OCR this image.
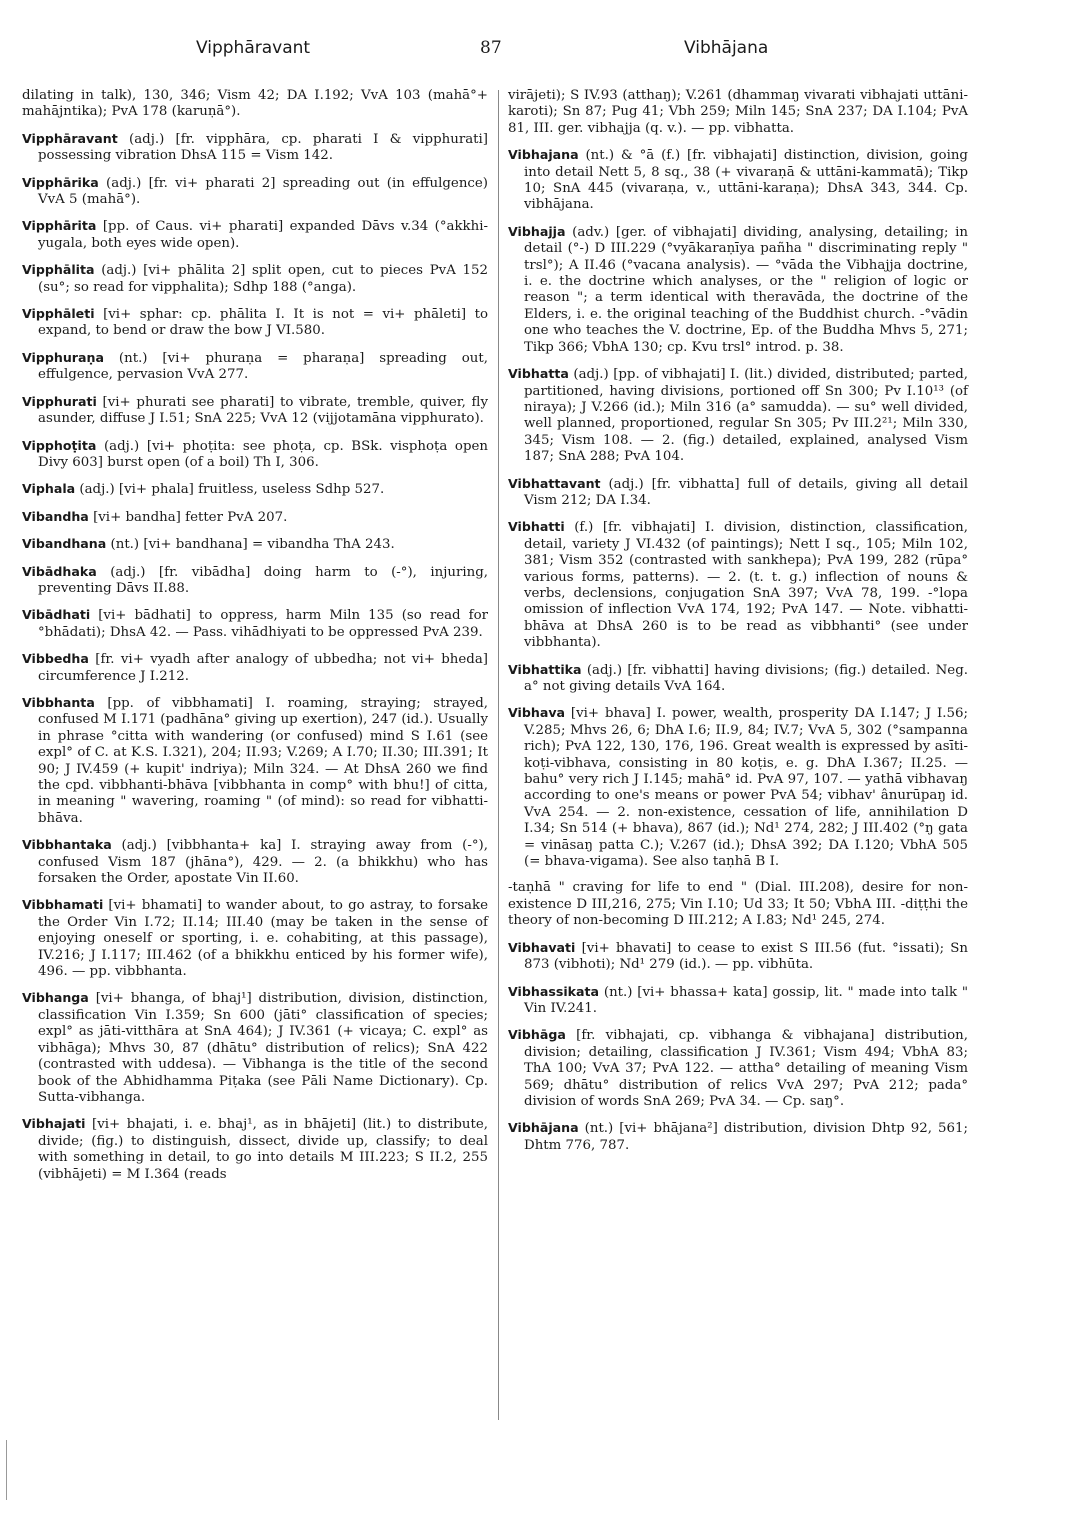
Vipphāravant	87	Vibhājana

dilating in talk), 130, 346; Vism 42; DA I.192; VvA 103 (mahā°+ mahājntika); PvA 178 (karuṇā°).

Vipphāravant (adj.) [fr. vipphāra, cp. pharati I & vipphurati] possessing vibration DhsA 115 = Vism 142.

Vipphārika (adj.) [fr. vi+ pharati 2] spreading out (in effulgence) VvA 5 (mahā°).

Vipphārita [pp. of Caus. vi+ pharati] expanded Dāvs v.34 (°akkhi-yugala, both eyes wide open).

Vipphālita (adj.) [vi+ phālita 2] split open, cut to pieces PvA 152 (su°; so read for vipphalita); Sdhp 188 (°anga).

Vipphāleti [vi+ sphar: cp. phālita I. It is not = vi+ phāleti] to expand, to bend or draw the bow J VI.580.

Vipphuraṇa (nt.) [vi+ phuraṇa = pharaṇa] spreading out, effulgence, pervasion VvA 277.

Vipphurati [vi+ phurati see pharati] to vibrate, tremble, quiver, fly asunder, diffuse J I.51; SnA 225; VvA 12 (vijjotamāna vipphurato).

Vipphoṭita (adj.) [vi+ phoṭita: see phoṭa, cp. BSk. visphoṭa open Divy 603] burst open (of a boil) Th I, 306.

Viphala (adj.) [vi+ phala] fruitless, useless Sdhp 527.

Vibandha [vi+ bandha] fetter PvA 207.

Vibandhana (nt.) [vi+ bandhana] = vibandha ThA 243.

Vibādhaka (adj.) [fr. vibādha] doing harm to (-°), injuring, preventing Dāvs II.88.

Vibādhati [vi+ bādhati] to oppress, harm Miln 135 (so read for °bhādati); DhsA 42. — Pass. vihādhiyati to be oppressed PvA 239.

Vibbedha [fr. vi+ vyadh after analogy of ubbedha; not vi+ bheda] circumference J I.212.

Vibbhanta [pp. of vibbhamati] I. roaming, straying; strayed, confused M I.171 (padhāna° giving up exertion), 247 (id.). Usually in phrase °citta with wandering (or confused) mind S I.61 (see expl° of C. at K.S. I.321), 204; II.93; V.269; A I.70; II.30; III.391; It 90; J IV.459 (+ kupit' indriya); Miln 324. — At DhsA 260 we find the cpd. vibbhanti-bhāva [vibbhanta in comp° with bhu!] of citta, in meaning " wavering, roaming " (of mind): so read for vibhatti-bhāva.

Vibbhantaka (adj.) [vibbhanta+ ka] I. straying away from (-°), confused Vism 187 (jhāna°), 429. — 2. (a bhikkhu) who has forsaken the Order, apostate Vin II.60.

Vibbhamati [vi+ bhamati] to wander about, to go astray, to forsake the Order Vin I.72; II.14; III.40 (may be taken in the sense of enjoying oneself or sporting, i. e. cohabiting, at this passage), IV.216; J I.117; III.462 (of a bhikkhu enticed by his former wife), 496. — pp. vibbhanta.

Vibhanga [vi+ bhanga, of bhaj¹] distribution, division, distinction, classification Vin I.359; Sn 600 (jāti° classification of species; expl° as jāti-vitthāra at SnA 464); J IV.361 (+ vicaya; C. expl° as vibhāga); Mhvs 30, 87 (dhātu° distribution of relics); SnA 422 (contrasted with uddesa). — Vibhanga is the title of the second book of the Abhidhamma Piṭaka (see Pāli Name Dictionary). Cp. Sutta-vibhanga.

Vibhajati [vi+ bhajati, i. e. bhaj¹, as in bhājeti] (lit.) to distribute, divide; (fig.) to distinguish, dissect, divide up, classify; to deal with something in detail, to go into details M III.223; S II.2, 255 (vibhājeti) = M I.364 (reads

virājeti); S IV.93 (atthaŋ); V.261 (dhammaŋ vivarati vibhajati uttāni-karoti); Sn 87; Pug 41; Vbh 259; Miln 145; SnA 237; DA I.104; PvA 81, III. ger. vibhajja (q. v.). — pp. vibhatta.

Vibhajana (nt.) & °ā (f.) [fr. vibhajati] distinction, division, going into detail Nett 5, 8 sq., 38 (+ vivaraṇā & uttāni-kammatā); Tikp 10; SnA 445 (vivaraṇa, v., uttāni-karaṇa); DhsA 343, 344. Cp. vibhājana.

Vibhajja (adv.) [ger. of vibhajati] dividing, analysing, detailing; in detail (°-) D III.229 (°vyākaraṇīya pañha " discriminating reply " trsl°); A II.46 (°vacana analysis). — °vāda the Vibhajja doctrine, i. e. the doctrine which analyses, or the " religion of logic or reason "; a term identical with theravāda, the doctrine of the Elders, i. e. the original teaching of the Buddhist church. -°vādin one who teaches the V. doctrine, Ep. of the Buddha Mhvs 5, 271; Tikp 366; VbhA 130; cp. Kvu trsl° introd. p. 38.

Vibhatta (adj.) [pp. of vibhajati] I. (lit.) divided, distributed; parted, partitioned, having divisions, portioned off Sn 300; Pv I.10¹³ (of niraya); J V.266 (id.); Miln 316 (a° samudda). — su° well divided, well planned, proportioned, regular Sn 305; Pv III.2²¹; Miln 330, 345; Vism 108. — 2. (fig.) detailed, explained, analysed Vism 187; SnA 288; PvA 104.

Vibhattavant (adj.) [fr. vibhatta] full of details, giving all detail Vism 212; DA I.34.

Vibhatti (f.) [fr. vibhajati] I. division, distinction, classification, detail, variety J VI.432 (of paintings); Nett I sq., 105; Miln 102, 381; Vism 352 (contrasted with sankhepa); PvA 199, 282 (rūpa° various forms, patterns). — 2. (t. t. g.) inflection of nouns & verbs, declensions, conjugation SnA 397; VvA 78, 199. -°lopa omission of inflection VvA 174, 192; PvA 147. — Note. vibhatti-bhāva at DhsA 260 is to be read as vibbhanti° (see under vibbhanta).

Vibhattika (adj.) [fr. vibhatti] having divisions; (fig.) detailed. Neg. a° not giving details VvA 164.

Vibhava [vi+ bhava] I. power, wealth, prosperity DA I.147; J I.56; V.285; Mhvs 26, 6; DhA I.6; II.9, 84; IV.7; VvA 5, 302 (°sampanna rich); PvA 122, 130, 176, 196. Great wealth is expressed by asīti-koṭi-vibhava, consisting in 80 koṭis, e. g. DhA I.367; II.25. — bahu° very rich J I.145; mahā° id. PvA 97, 107. — yathā vibhavaŋ according to one's means or power PvA 54; vibhav' ânurūpaŋ id. VvA 254. — 2. non-existence, cessation of life, annihilation D I.34; Sn 514 (+ bhava), 867 (id.); Nd¹ 274, 282; J III.402 (°ŋ gata = vināsaŋ patta C.); V.267 (id.); DhsA 392; DA I.120; VbhA 505 (= bhava-vigama). See also taṇhā B I.

-taṇhā " craving for life to end " (Dial. III.208), desire for non-existence D III,216, 275; Vin I.10; Ud 33; It 50; VbhA III. -diṭṭhi the theory of non-becoming D III.212; A I.83; Nd¹ 245, 274.

Vibhavati [vi+ bhavati] to cease to exist S III.56 (fut. °issati); Sn 873 (vibhoti); Nd¹ 279 (id.). — pp. vibhūta.

Vibhassikata (nt.) [vi+ bhassa+ kata] gossip, lit. " made into talk " Vin IV.241.

Vibhāga [fr. vibhajati, cp. vibhanga & vibhajana] distribution, division; detailing, classification J IV.361; Vism 494; VbhA 83; ThA 100; VvA 37; PvA 122. — attha° detailing of meaning Vism 569; dhātu° distribution of relics VvA 297; PvA 212; pada° division of words SnA 269; PvA 34. — Cp. saŋ°.

Vibhājana (nt.) [vi+ bhājana²] distribution, division Dhtp 92, 561; Dhtm 776, 787.
